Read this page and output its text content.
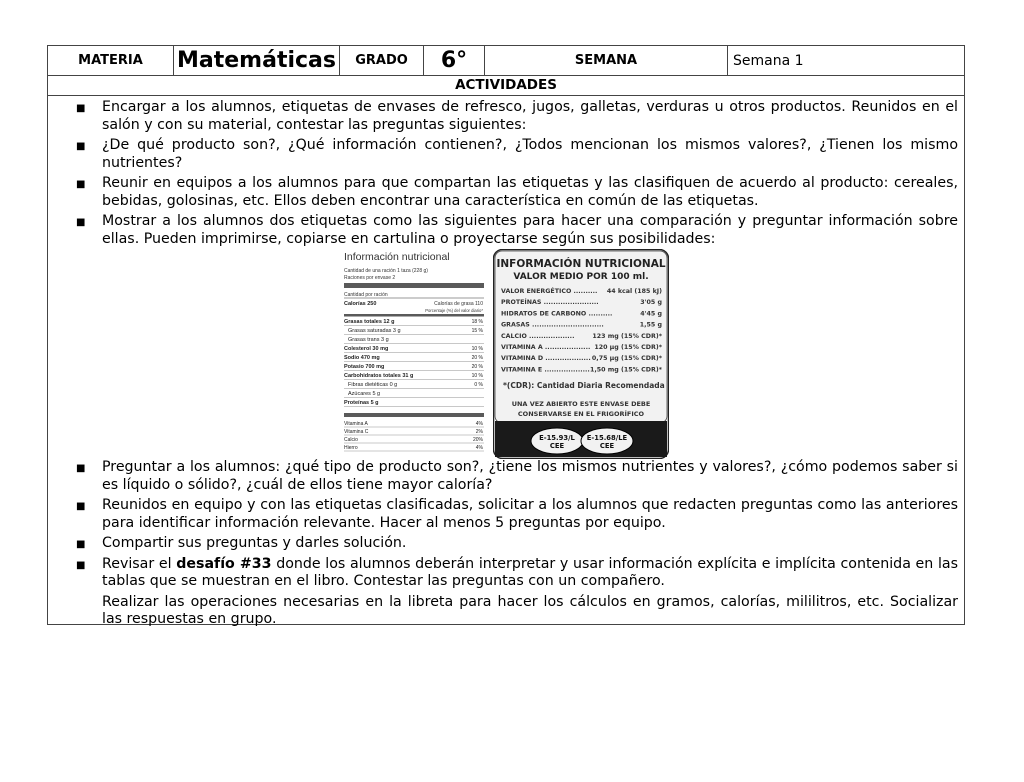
MATERIA	Matemáticas	GRADO	6°	SEMANA	Semana 1
ACTIVIDADES
■ Encargar a los alumnos, etiquetas de envases de refresco, jugos, galletas, verduras u otros productos. Reunidos en el salón y con su material, contestar las preguntas siguientes:
■ ¿De qué producto son?, ¿Qué información contienen?, ¿Todos mencionan los mismos valores?, ¿Tienen los mismo nutrientes?
■ Reunir en equipos a los alumnos para que compartan las etiquetas y las clasifiquen de acuerdo al producto: cereales, bebidas, golosinas, etc. Ellos deben encontrar una característica en común de las etiquetas.
■ Mostrar a los alumnos dos etiquetas como las siguientes para hacer una comparación y preguntar información sobre ellas. Pueden imprimirse, copiarse en cartulina o proyectarse según sus posibilidades:
Información nutricional
Cantidad de una ración 1 taza (228 g)
Raciones por envase 2
Cantidad por ración
Calorías 250	Calorías de grasa 110
Porcentaje (%) del valor diario*
Grasas totales 12 g	18 %
Grasas saturadas 3 g	15 %
Grasas trans 3 g
Colesterol 30 mg	10 %
Sodio 470 mg	20 %
Potasio 700 mg	20 %
Carbohidratos totales 31 g	10 %
Fibras dietéticas 0 g	0 %
Azúcares 5 g
Proteínas 5 g
Vitamina A	4%
Vitamina C	2%
Calcio	20%
Hierro	4%
INFORMACIÓN NUTRICIONAL
VALOR MEDIO POR 100 ml.
VALOR ENERGÉTICO .......... 44 kcal (185 kJ)
PROTEÍNAS .......................	3'05 g
HIDRATOS DE CARBONO ..........	4'45 g
GRASAS ..............................	1,55 g
CALCIO ...................	123 mg (15% CDR)*
VITAMINA A ................... 120 µg (15% CDR)*
VITAMINA D ................... 0,75 µg (15% CDR)*
VITAMINA E ................... 1,50 mg (15% CDR)*
*(CDR): Cantidad Diaria Recomendada
UNA VEZ ABIERTO ESTE ENVASE DEBE
CONSERVARSE EN EL FRIGORÍFICO
E-15.93/L
CEE
E-15.68/LE
CEE
■ Preguntar a los alumnos: ¿qué tipo de producto son?, ¿tiene los mismos nutrientes y valores?, ¿cómo podemos saber si es líquido o sólido?, ¿cuál de ellos tiene mayor caloría?
■ Reunidos en equipo y con las etiquetas clasificadas, solicitar a los alumnos que redacten preguntas como las anteriores para identificar información relevante. Hacer al menos 5 preguntas por equipo.
■ Compartir sus preguntas y darles solución.
■ Revisar el desafío #33 donde los alumnos deberán interpretar y usar información explícita e implícita contenida en las tablas que se muestran en el libro. Contestar las preguntas con un compañero.
Realizar las operaciones necesarias en la libreta para hacer los cálculos en gramos, calorías, mililitros, etc. Socializar las respuestas en grupo.
